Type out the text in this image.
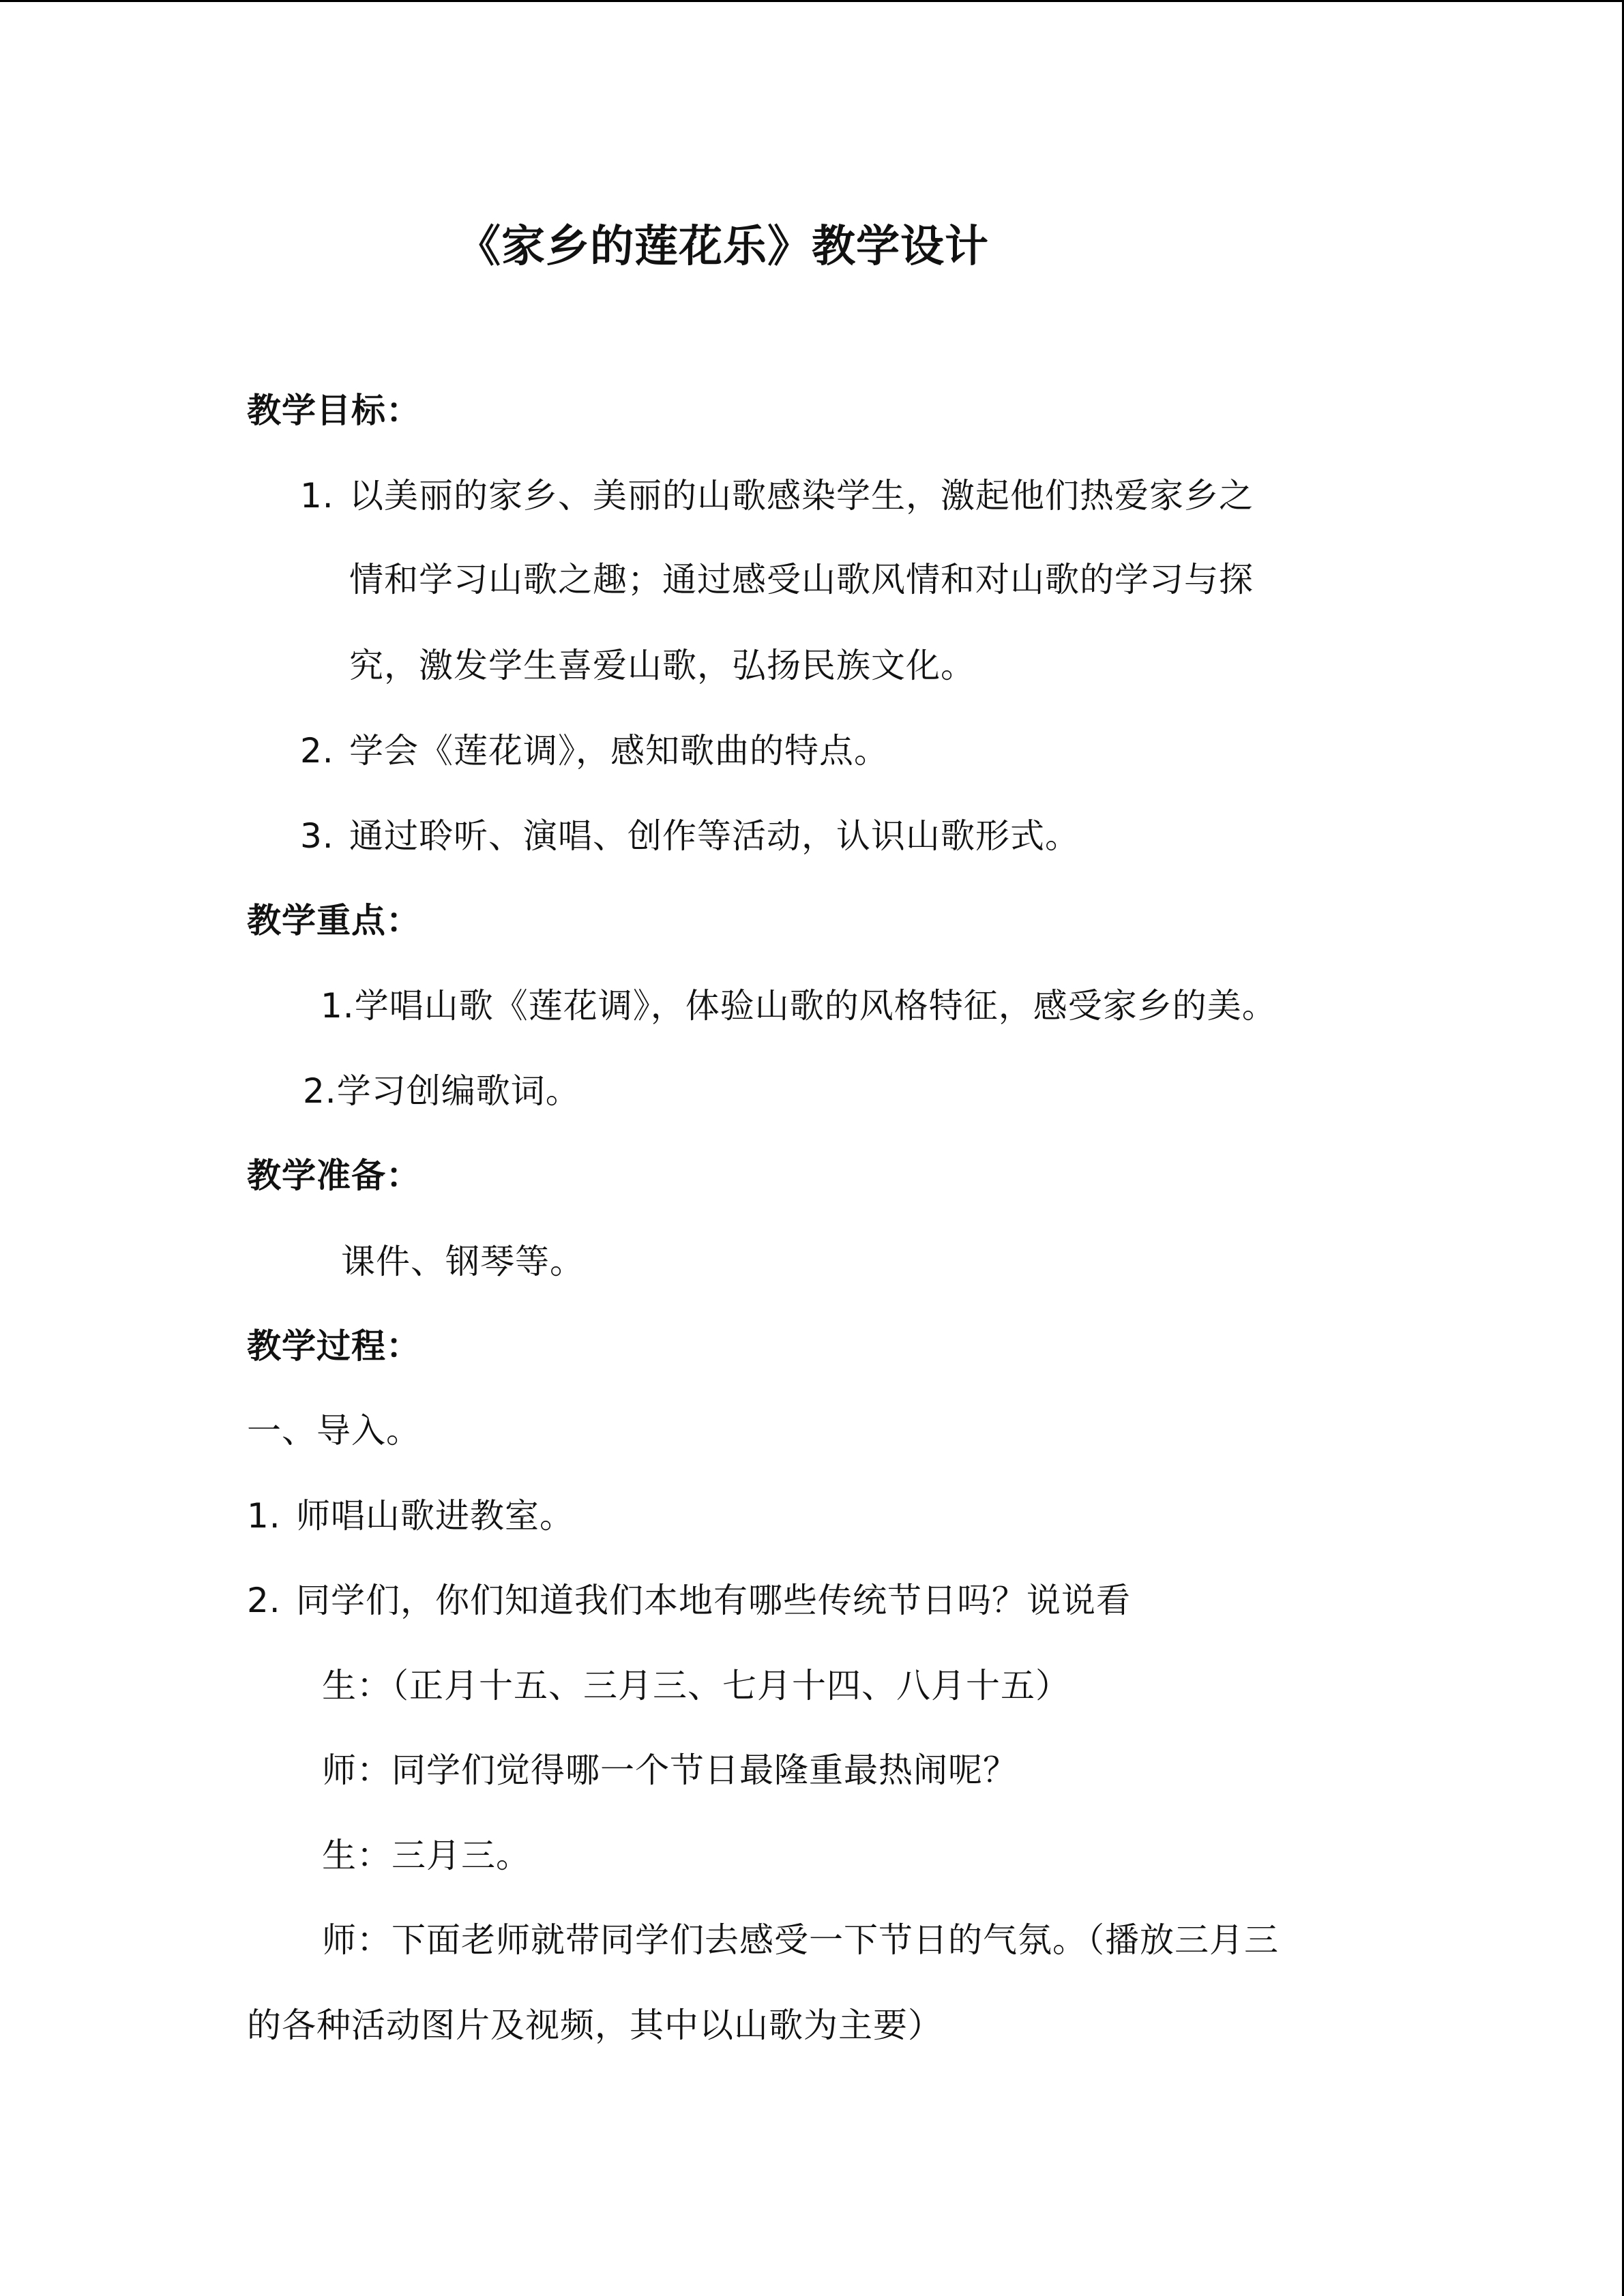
《家乡的莲花乐》教学设计
教学目标：
1. 以美丽的家乡、美丽的山歌感染学生，激起他们热爱家乡之
情和学习山歌之趣；通过感受山歌风情和对山歌的学习与探
究，激发学生喜爱山歌，弘扬民族文化。
2. 学会《莲花调》，感知歌曲的特点。
3. 通过聆听、演唱、创作等活动，认识山歌形式。
教学重点：
1.学唱山歌《莲花调》，体验山歌的风格特征，感受家乡的美。
2.学习创编歌词。
教学准备：
课件、钢琴等。
教学过程：
一、导入。
1. 师唱山歌进教室。
2. 同学们，你们知道我们本地有哪些传统节日吗？说说看
生：（正月十五、三月三、七月十四、八月十五）
师：同学们觉得哪一个节日最隆重最热闹呢？
生：三月三。
师：下面老师就带同学们去感受一下节日的气氛。（播放三月三
的各种活动图片及视频，其中以山歌为主要）
